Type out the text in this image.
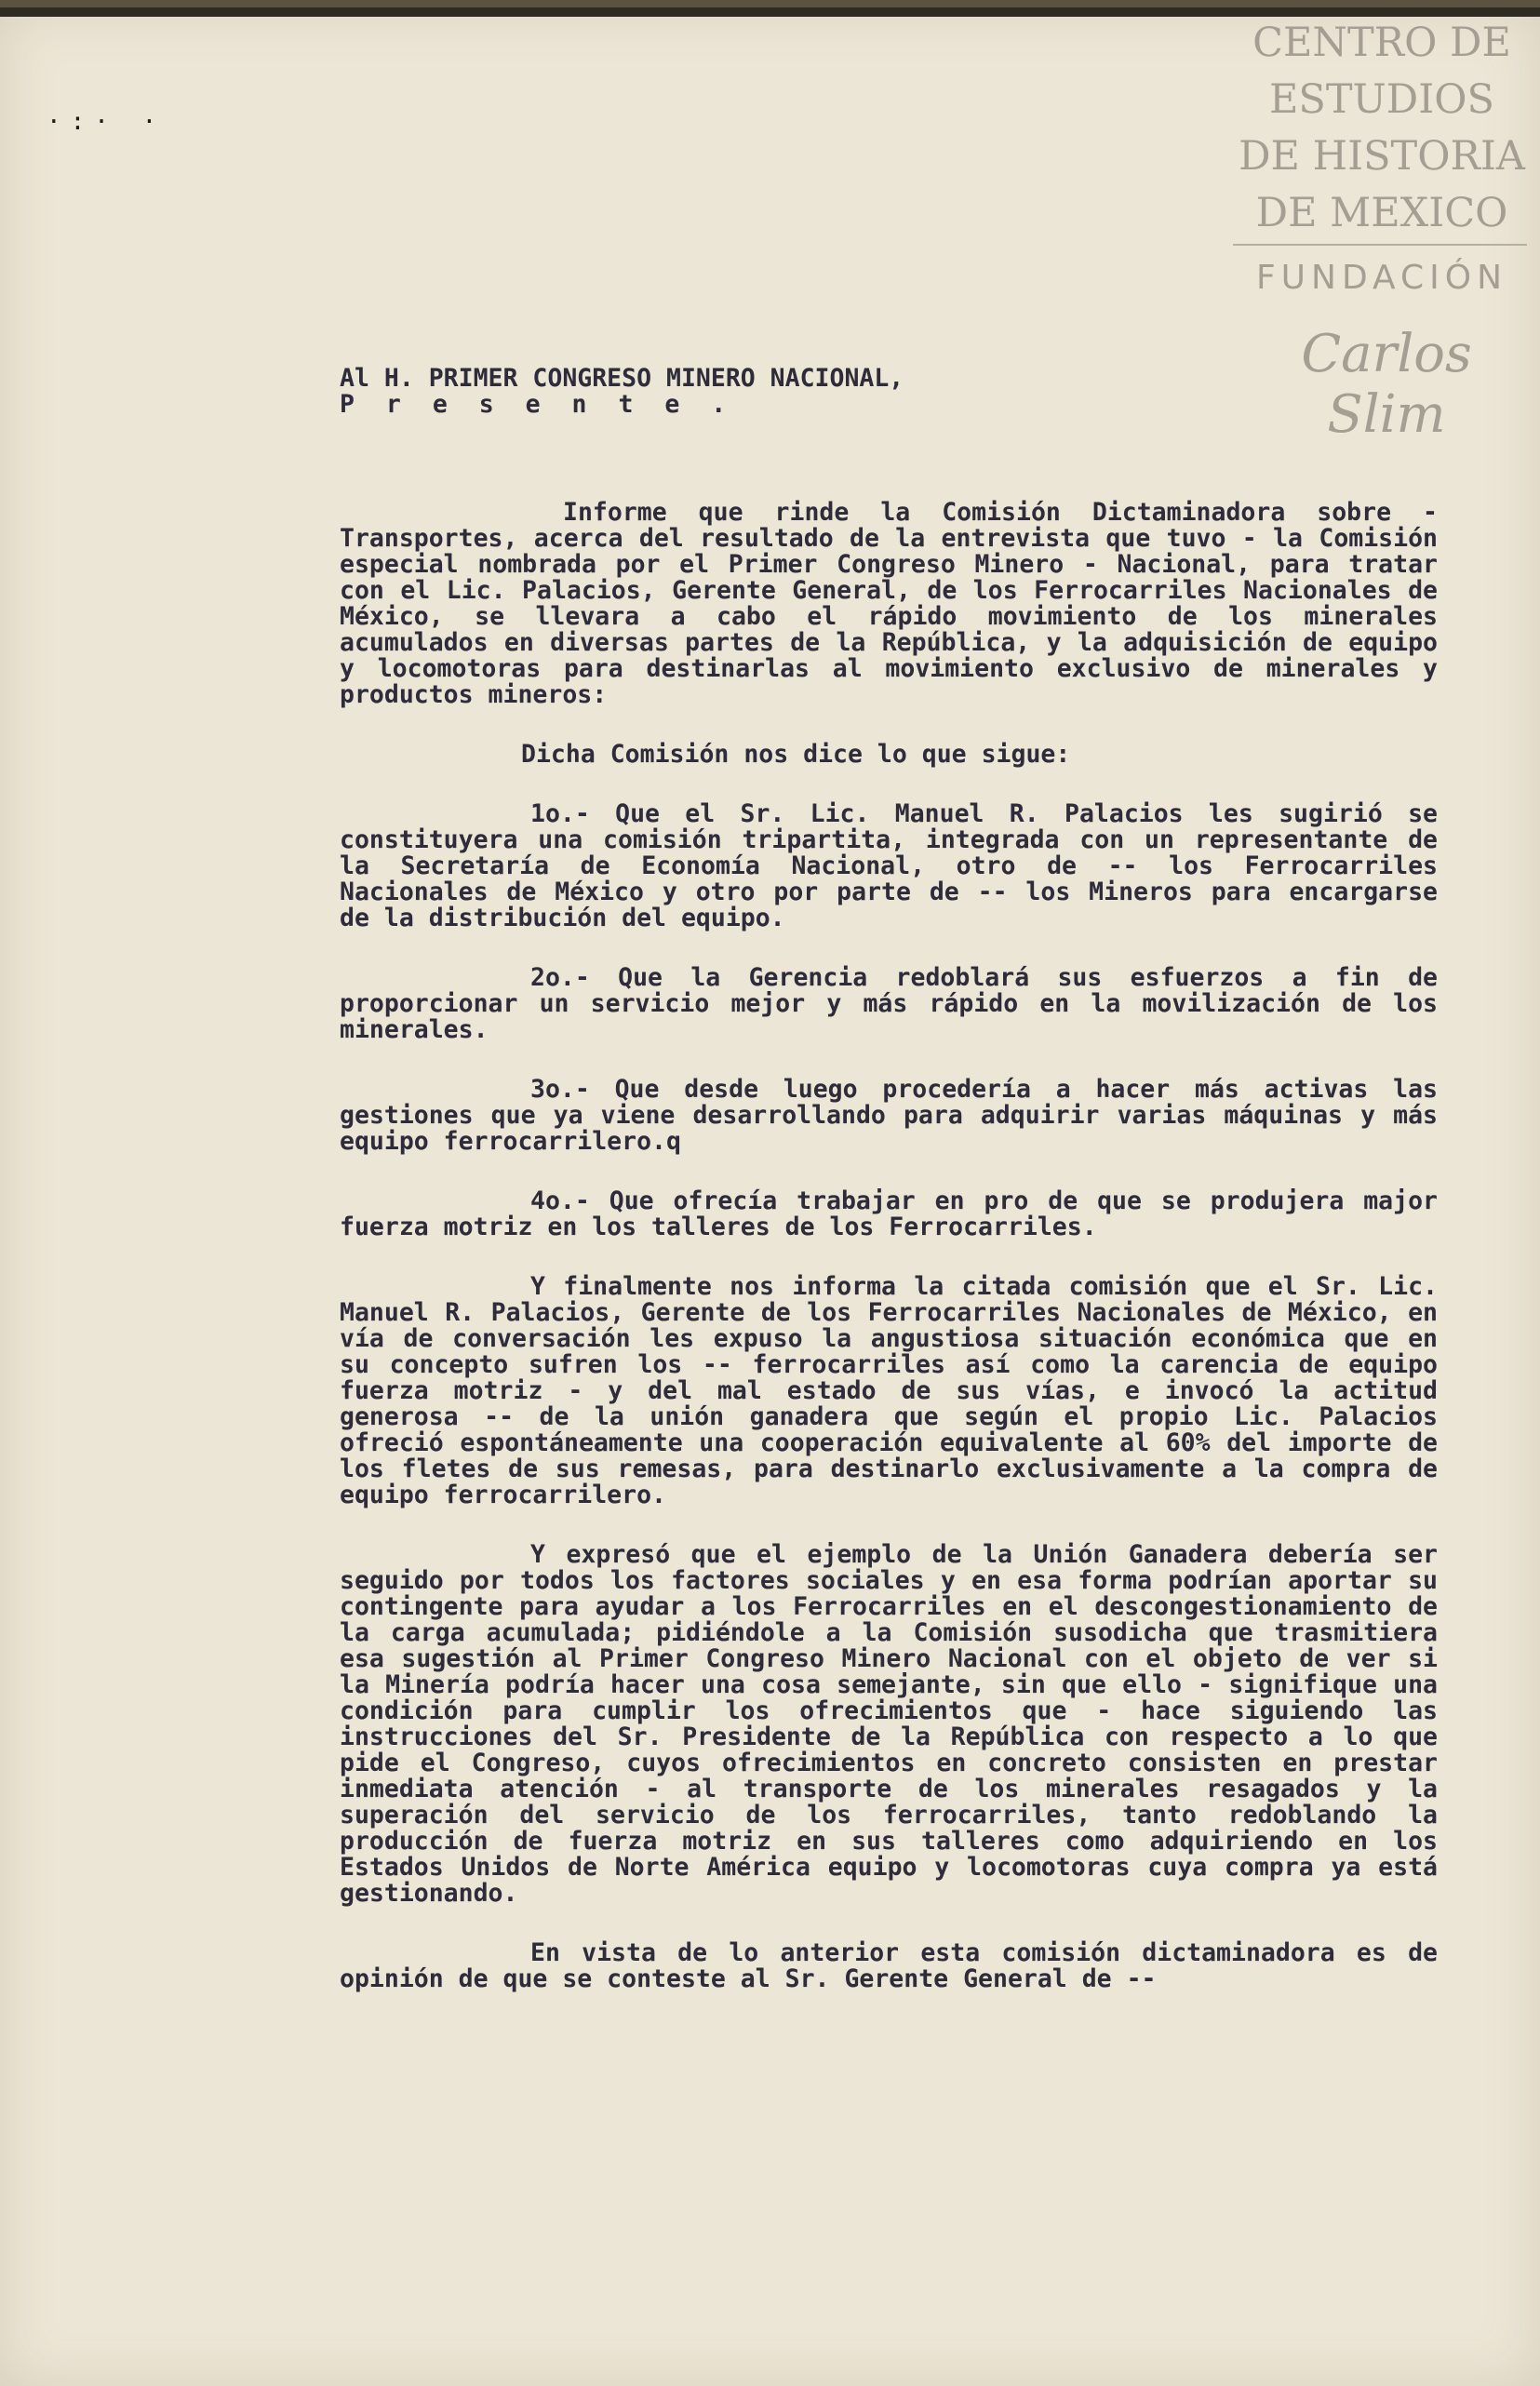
·:· ·
CENTRO DE
ESTUDIOS
DE HISTORIA
DE MEXICO
FUNDACIÓN
Carlos Slim

Al H. PRIMER CONGRESO MINERO NACIONAL,

P r e s e n t e .

Informe que rinde la Comisión Dictaminadora sobre - Transportes, acerca del resultado de la entrevista que tuvo - la Comisión especial nombrada por el Primer Congreso Minero - Nacional, para tratar con el Lic. Palacios, Gerente General, de los Ferrocarriles Nacionales de México, se llevara a cabo el rápido movimiento de los minerales acumulados en diversas partes de la República, y la adquisición de equipo y locomotoras para destinarlas al movimiento exclusivo de minerales y productos mineros:

Dicha Comisión nos dice lo que sigue:

1o.- Que el Sr. Lic. Manuel R. Palacios les sugirió se constituyera una comisión tripartita, integrada con un representante de la Secretaría de Economía Nacional, otro de -- los Ferrocarriles Nacionales de México y otro por parte de -- los Mineros para encargarse de la distribución del equipo.

2o.- Que la Gerencia redoblará sus esfuerzos a fin de proporcionar un servicio mejor y más rápido en la movilización de los minerales.

3o.- Que desde luego procedería a hacer más activas las gestiones que ya viene desarrollando para adquirir varias máquinas y más equipo ferrocarrilero.q

4o.- Que ofrecía trabajar en pro de que se produjera major fuerza motriz en los talleres de los Ferrocarriles.

Y finalmente nos informa la citada comisión que el Sr. Lic. Manuel R. Palacios, Gerente de los Ferrocarriles Nacionales de México, en vía de conversación les expuso la angustiosa situación económica que en su concepto sufren los -- ferrocarriles así como la carencia de equipo fuerza motriz - y del mal estado de sus vías, e invocó la actitud generosa -- de la unión ganadera que según el propio Lic. Palacios ofreció espontáneamente una cooperación equivalente al 60% del importe de los fletes de sus remesas, para destinarlo exclusivamente a la compra de equipo ferrocarrilero.

Y expresó que el ejemplo de la Unión Ganadera debería ser seguido por todos los factores sociales y en esa forma podrían aportar su contingente para ayudar a los Ferrocarriles en el descongestionamiento de la carga acumulada; pidiéndole a la Comisión susodicha que trasmitiera esa sugestión al Primer Congreso Minero Nacional con el objeto de ver si la Minería podría hacer una cosa semejante, sin que ello - signifique una condición para cumplir los ofrecimientos que - hace siguiendo las instrucciones del Sr. Presidente de la República con respecto a lo que pide el Congreso, cuyos ofrecimientos en concreto consisten en prestar inmediata atención - al transporte de los minerales resagados y la superación del servicio de los ferrocarriles, tanto redoblando la producción de fuerza motriz en sus talleres como adquiriendo en los Estados Unidos de Norte América equipo y locomotoras cuya compra ya está gestionando.

En vista de lo anterior esta comisión dictaminadora es de opinión de que se conteste al Sr. Gerente General de --
